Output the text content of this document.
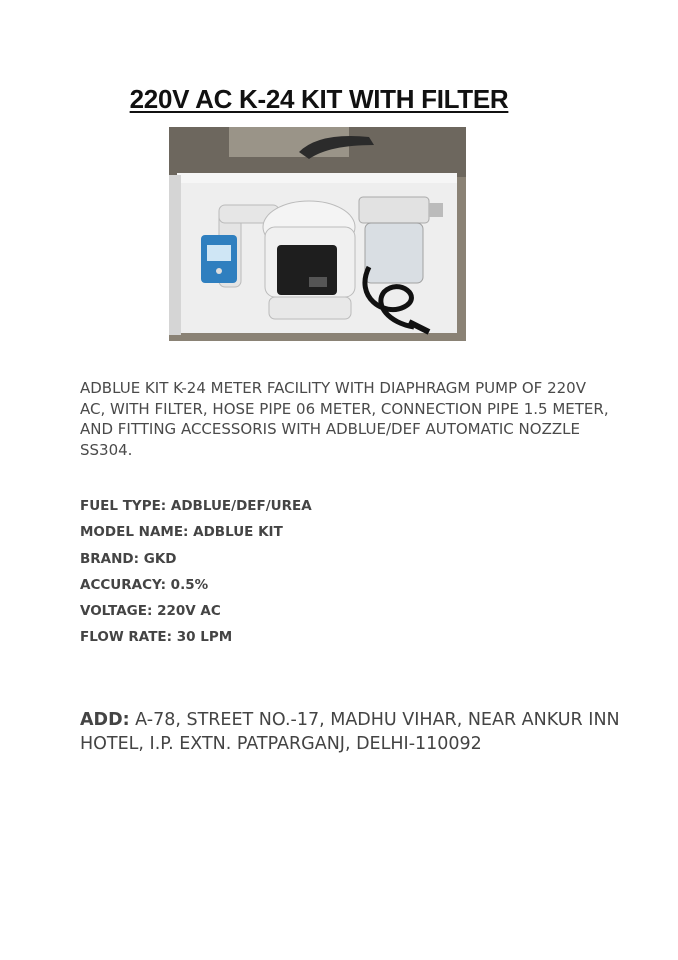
220V AC K-24 KIT WITH FILTER
ADBLUE KIT K-24 METER FACILITY WITH DIAPHRAGM PUMP OF 220V AC, WITH FILTER, HOSE PIPE 06 METER, CONNECTION PIPE 1.5 METER, AND FITTING ACCESSORIS WITH ADBLUE/DEF AUTOMATIC NOZZLE SS304.
FUEL TYPE: ADBLUE/DEF/UREA
MODEL NAME: ADBLUE KIT
BRAND: GKD
ACCURACY: 0.5%
VOLTAGE: 220V AC
FLOW RATE: 30 LPM
ADD: A-78, STREET NO.-17, MADHU VIHAR, NEAR ANKUR INN HOTEL, I.P. EXTN. PATPARGANJ, DELHI-110092
